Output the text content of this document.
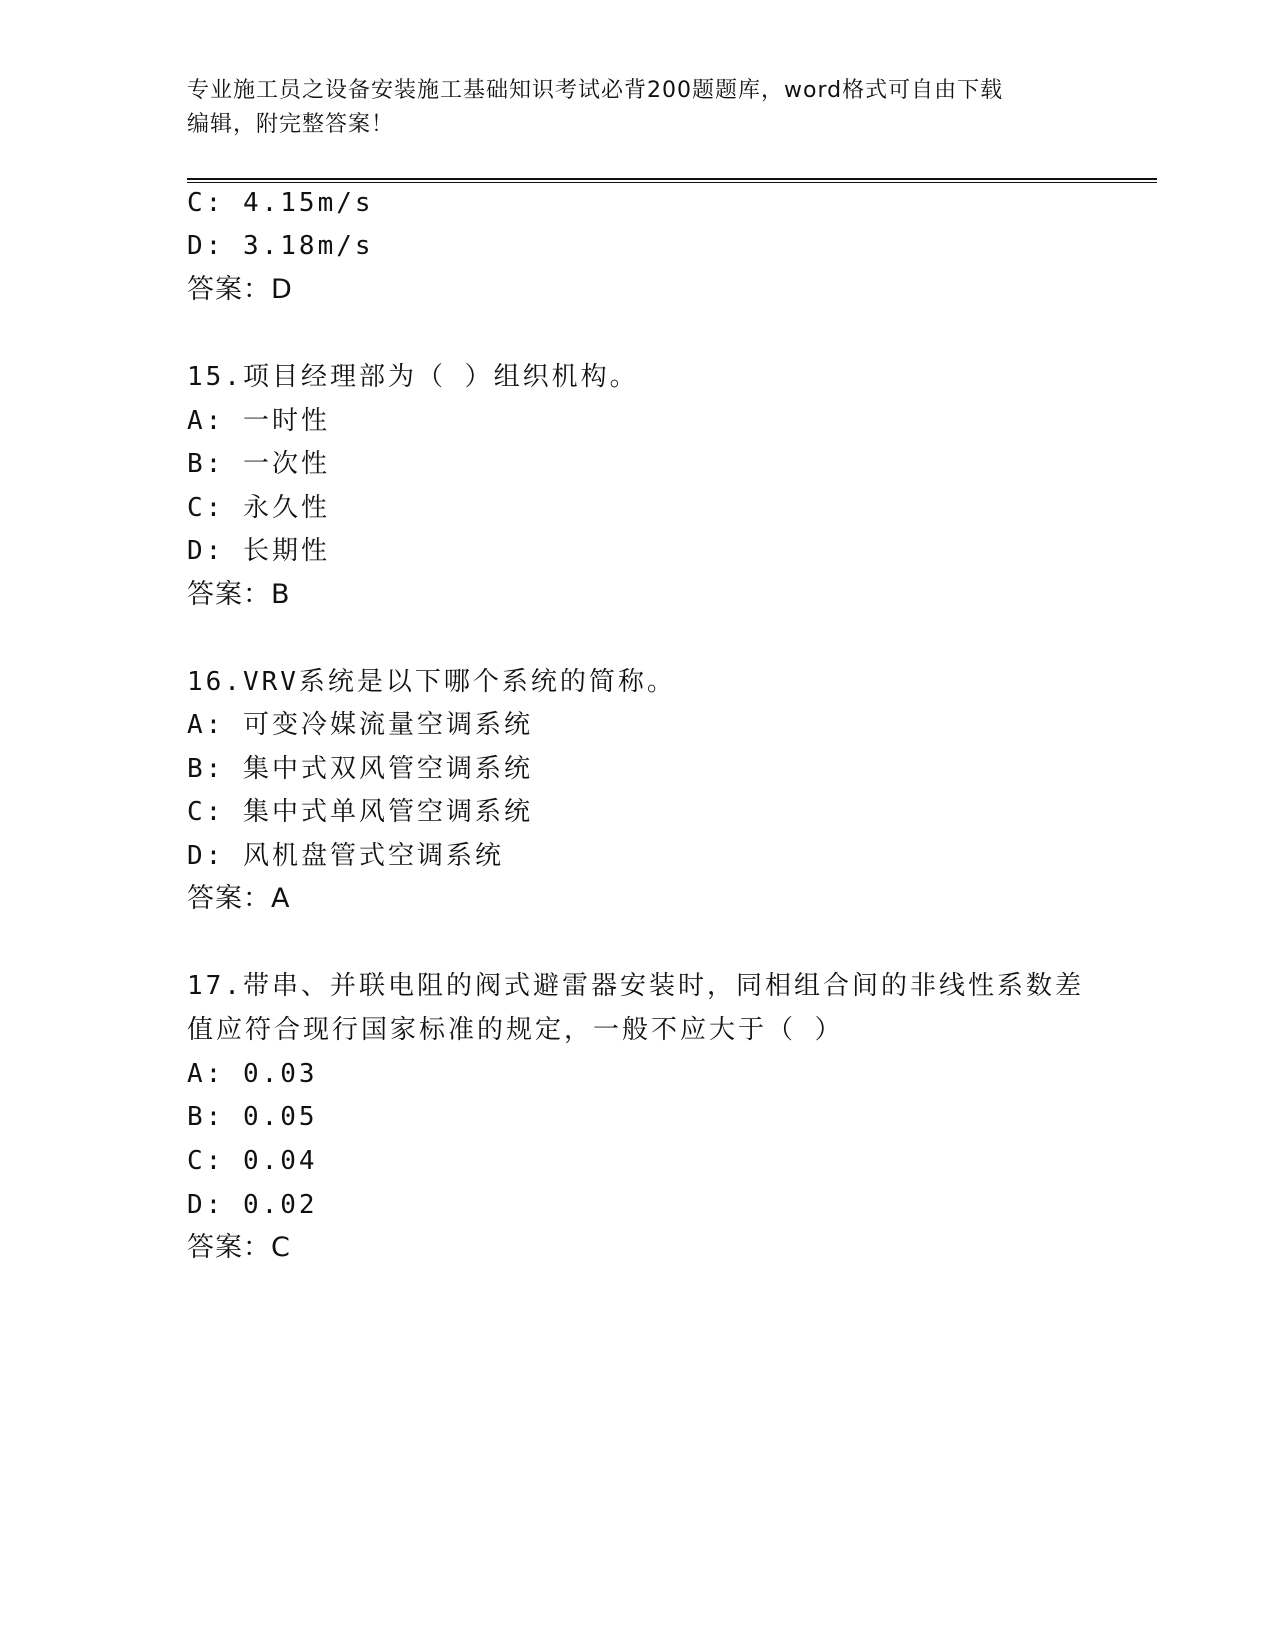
专业施工员之设备安装施工基础知识考试必背200题题库，word格式可自由下载
编辑，附完整答案！
C: 4.15m/s
D: 3.18m/s
答案：D
15.项目经理部为（ ）组织机构。
A: 一时性
B: 一次性
C: 永久性
D: 长期性
答案：B
16.VRV系统是以下哪个系统的简称。
A: 可变冷媒流量空调系统
B: 集中式双风管空调系统
C: 集中式单风管空调系统
D: 风机盘管式空调系统
答案：A
17.带串、并联电阻的阀式避雷器安装时，同相组合间的非线性系数差
值应符合现行国家标准的规定，一般不应大于（ ）
A: 0.03
B: 0.05
C: 0.04
D: 0.02
答案：C
